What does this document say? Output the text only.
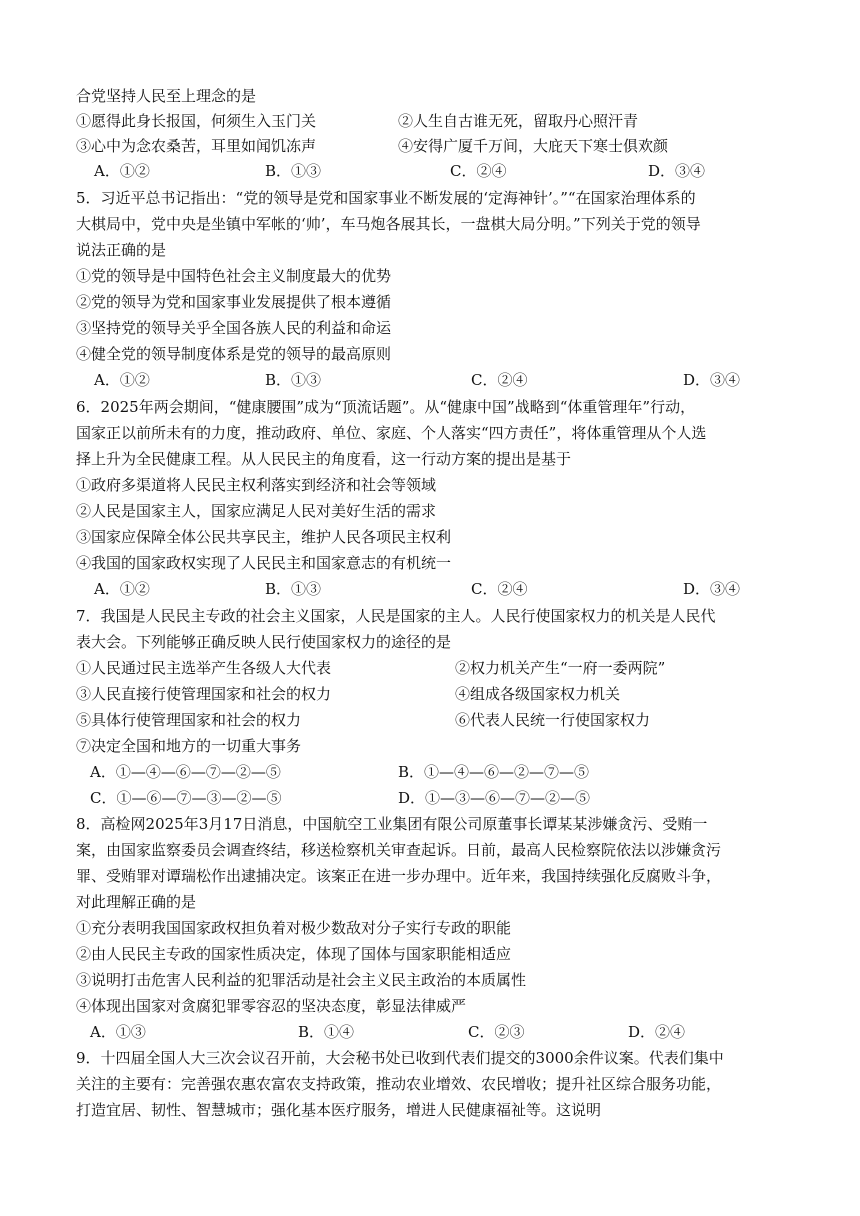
合党坚持人民至上理念的是
①愿得此身长报国，何须生入玉门关	②人生自古谁无死，留取丹心照汗青
③心中为念农桑苦，耳里如闻饥冻声	④安得广厦千万间，大庇天下寒士俱欢颜
A．①②	B．①③	C．②④	D．③④
5．习近平总书记指出：“党的领导是党和国家事业不断发展的‘定海神针’。”“在国家治理体系的
大棋局中，党中央是坐镇中军帐的‘帅’，车马炮各展其长，一盘棋大局分明。”下列关于党的领导
说法正确的是
①党的领导是中国特色社会主义制度最大的优势
②党的领导为党和国家事业发展提供了根本遵循
③坚持党的领导关乎全国各族人民的利益和命运
④健全党的领导制度体系是党的领导的最高原则
A．①②	B．①③	C．②④	D．③④
6．2025年两会期间，“健康腰围”成为“顶流话题”。从“健康中国”战略到“体重管理年”行动，
国家正以前所未有的力度，推动政府、单位、家庭、个人落实“四方责任”，将体重管理从个人选
择上升为全民健康工程。从人民民主的角度看，这一行动方案的提出是基于
①政府多渠道将人民民主权利落实到经济和社会等领域
②人民是国家主人，国家应满足人民对美好生活的需求
③国家应保障全体公民共享民主，维护人民各项民主权利
④我国的国家政权实现了人民民主和国家意志的有机统一
A．①②	B．①③	C．②④	D．③④
7．我国是人民民主专政的社会主义国家，人民是国家的主人。人民行使国家权力的机关是人民代
表大会。下列能够正确反映人民行使国家权力的途径的是
①人民通过民主选举产生各级人大代表	②权力机关产生“一府一委两院”
③人民直接行使管理国家和社会的权力	④组成各级国家权力机关
⑤具体行使管理国家和社会的权力	⑥代表人民统一行使国家权力
⑦决定全国和地方的一切重大事务
A．①—④—⑥—⑦—②—⑤	B．①—④—⑥—②—⑦—⑤
C．①—⑥—⑦—③—②—⑤	D．①—③—⑥—⑦—②—⑤
8．高检网2025年3月17日消息，中国航空工业集团有限公司原董事长谭某某涉嫌贪污、受贿一
案，由国家监察委员会调查终结，移送检察机关审查起诉。日前，最高人民检察院依法以涉嫌贪污
罪、受贿罪对谭瑞松作出逮捕决定。该案正在进一步办理中。近年来，我国持续强化反腐败斗争，
对此理解正确的是
①充分表明我国国家政权担负着对极少数敌对分子实行专政的职能
②由人民民主专政的国家性质决定，体现了国体与国家职能相适应
③说明打击危害人民利益的犯罪活动是社会主义民主政治的本质属性
④体现出国家对贪腐犯罪零容忍的坚决态度，彰显法律威严
A．①③	B．①④	C．②③	D．②④
9．十四届全国人大三次会议召开前，大会秘书处已收到代表们提交的3000余件议案。代表们集中
关注的主要有：完善强农惠农富农支持政策，推动农业增效、农民增收；提升社区综合服务功能，
打造宜居、韧性、智慧城市；强化基本医疗服务，增进人民健康福祉等。这说明
